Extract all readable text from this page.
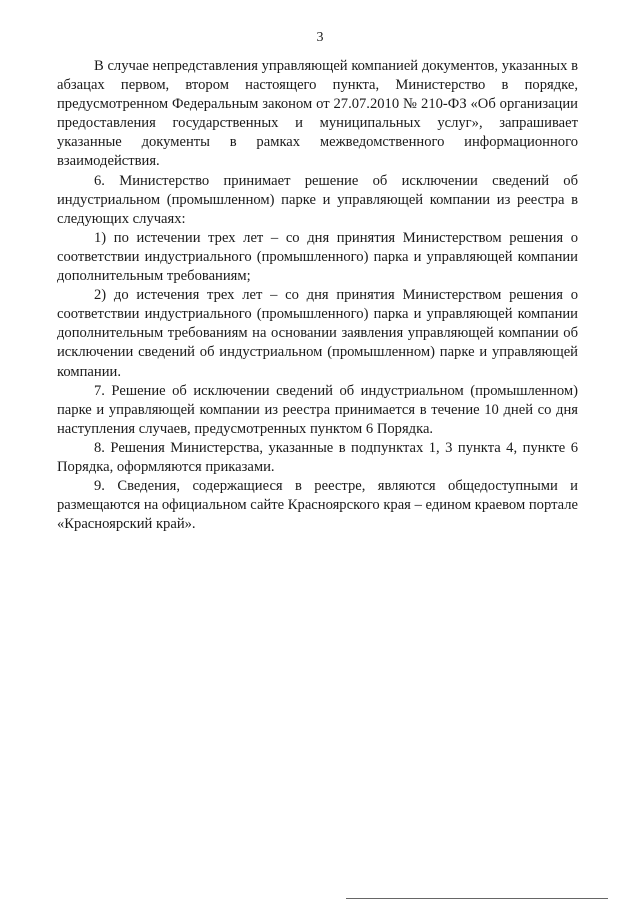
3

В случае непредставления управляющей компанией документов, указанных в абзацах первом, втором настоящего пункта, Министерство в порядке, предусмотренном Федеральным законом от 27.07.2010 № 210-ФЗ «Об организации предоставления государственных и муниципальных услуг», запрашивает указанные документы в рамках межведомственного информационного взаимодействия.

6. Министерство принимает решение об исключении сведений об индустриальном (промышленном) парке и управляющей компании из реестра в следующих случаях:

1) по истечении трех лет – со дня принятия Министерством решения о соответствии индустриального (промышленного) парка и управляющей компании дополнительным требованиям;

2) до истечения трех лет – со дня принятия Министерством решения о соответствии индустриального (промышленного) парка и управляющей компании дополнительным требованиям на основании заявления управляющей компании об исключении сведений об индустриальном (промышленном) парке и управляющей компании.

7. Решение об исключении сведений об индустриальном (промышленном) парке и управляющей компании из реестра принимается в течение 10 дней со дня наступления случаев, предусмотренных пунктом 6 Порядка.

8. Решения Министерства, указанные в подпунктах 1, 3 пункта 4, пункте 6 Порядка, оформляются приказами.

9. Сведения, содержащиеся в реестре, являются общедоступными и размещаются на официальном сайте Красноярского края – едином краевом портале «Красноярский край».
